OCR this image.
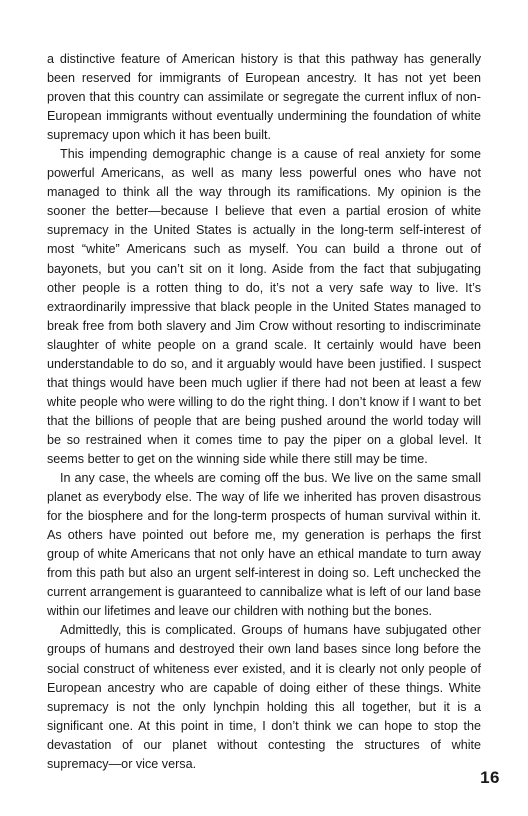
a distinctive feature of American history is that this pathway has generally been reserved for immigrants of European ancestry. It has not yet been proven that this country can assimilate or segregate the current influx of non-European immigrants without eventually undermining the foundation of white supremacy upon which it has been built.

This impending demographic change is a cause of real anxiety for some powerful Americans, as well as many less powerful ones who have not managed to think all the way through its ramifications. My opinion is the sooner the better—because I believe that even a partial erosion of white supremacy in the United States is actually in the long-term self-interest of most “white” Americans such as myself. You can build a throne out of bayonets, but you can’t sit on it long. Aside from the fact that subjugating other people is a rotten thing to do, it’s not a very safe way to live. It’s extraordinarily impressive that black people in the United States managed to break free from both slavery and Jim Crow without resorting to indiscriminate slaughter of white people on a grand scale. It certainly would have been understandable to do so, and it arguably would have been justified. I suspect that things would have been much uglier if there had not been at least a few white people who were willing to do the right thing. I don’t know if I want to bet that the billions of people that are being pushed around the world today will be so restrained when it comes time to pay the piper on a global level. It seems better to get on the winning side while there still may be time.

In any case, the wheels are coming off the bus. We live on the same small planet as everybody else. The way of life we inherited has proven disastrous for the biosphere and for the long-term prospects of human survival within it. As others have pointed out before me, my generation is perhaps the first group of white Americans that not only have an ethical mandate to turn away from this path but also an urgent self-interest in doing so. Left unchecked the current arrangement is guaranteed to cannibalize what is left of our land base within our lifetimes and leave our children with nothing but the bones.

Admittedly, this is complicated. Groups of humans have subjugated other groups of humans and destroyed their own land bases since long before the social construct of whiteness ever existed, and it is clearly not only people of European ancestry who are capable of doing either of these things. White supremacy is not the only lynchpin holding this all together, but it is a significant one. At this point in time, I don’t think we can hope to stop the devastation of our planet without contesting the structures of white supremacy—or vice versa.

16
